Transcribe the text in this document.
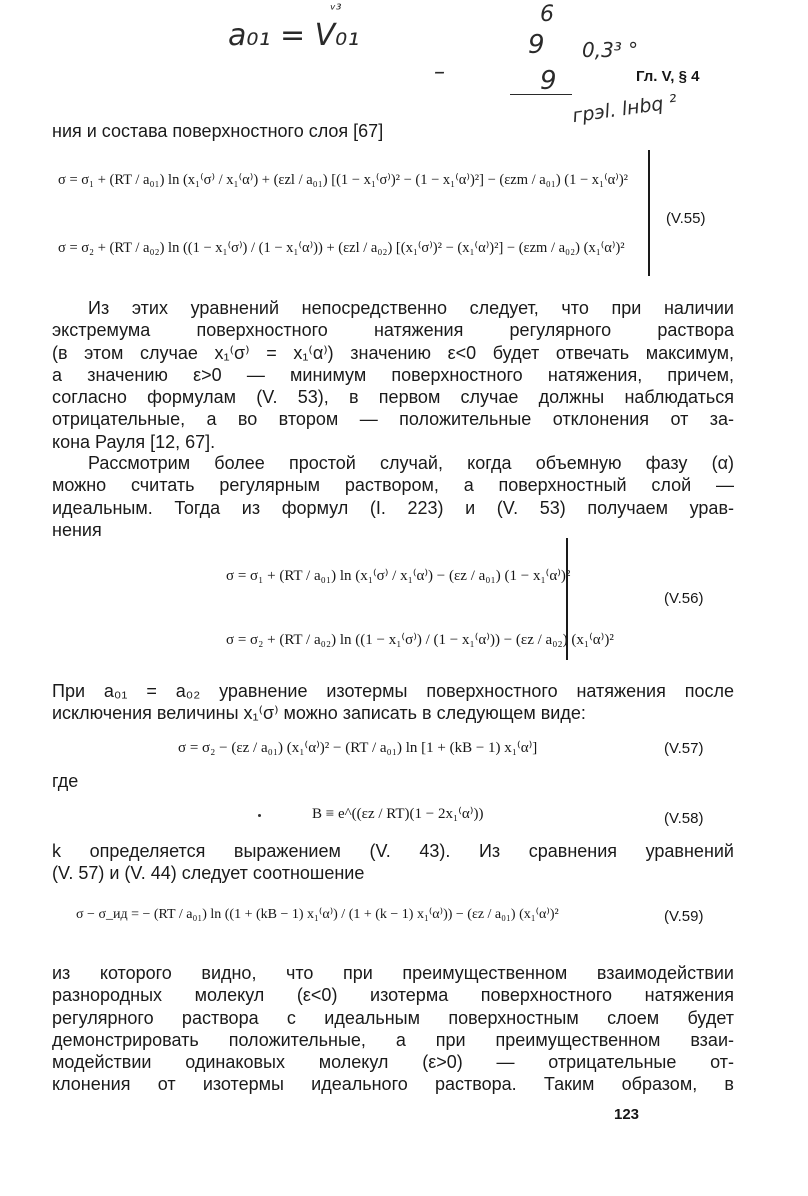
a₀₁ = V₀₁
ᵛ³	6
9 0,3³ °
–	9
грэl. lнbq ²
Гл. V, § 4
ния и состава поверхностного слоя [67]
σ = σ₁ + (RT / a₀₁) ln (x₁⁽σ⁾ / x₁⁽α⁾) + (εzl / a₀₁) [(1 − x₁⁽σ⁾)² − (1 − x₁⁽α⁾)²] − (εzm / a₀₁) (1 − x₁⁽α⁾)²
σ = σ₂ + (RT / a₀₂) ln ((1 − x₁⁽σ⁾) / (1 − x₁⁽α⁾)) + (εzl / a₀₂) [(x₁⁽σ⁾)² − (x₁⁽α⁾)²] − (εzm / a₀₂) (x₁⁽α⁾)²
(V.55)
Из этих уравнений непосредственно следует, что при наличии
экстремума поверхностного натяжения регулярного раствора
(в этом случае x₁⁽σ⁾ = x₁⁽α⁾) значению ε<0 будет отвечать максимум,
а значению ε>0 — минимум поверхностного натяжения, причем,
согласно формулам (V. 53), в первом случае должны наблюдаться
отрицательные, а во втором — положительные отклонения от за-
кона Рауля [12, 67].
Рассмотрим более простой случай, когда объемную фазу (α)
можно считать регулярным раствором, а поверхностный слой —
идеальным. Тогда из формул (I. 223) и (V. 53) получаем урав-
нения
σ = σ₁ + (RT / a₀₁) ln (x₁⁽σ⁾ / x₁⁽α⁾) − (εz / a₀₁) (1 − x₁⁽α⁾)²
σ = σ₂ + (RT / a₀₂) ln ((1 − x₁⁽σ⁾) / (1 − x₁⁽α⁾)) − (εz / a₀₂) (x₁⁽α⁾)²
(V.56)
При a₀₁ = a₀₂ уравнение изотермы поверхностного натяжения после
исключения величины x₁⁽σ⁾ можно записать в следующем виде:
σ = σ₂ − (εz / a₀₁) (x₁⁽α⁾)² − (RT / a₀₁) ln [1 + (kB − 1) x₁⁽α⁾]	(V.57)
где
B ≡ e^((εz / RT)(1 − 2x₁⁽α⁾))	(V.58)
k определяется выражением (V. 43). Из сравнения уравнений
(V. 57) и (V. 44) следует соотношение
σ − σ_ид = − (RT / a₀₁) ln ((1 + (kB − 1) x₁⁽α⁾) / (1 + (k − 1) x₁⁽α⁾)) − (εz / a₀₁) (x₁⁽α⁾)²	(V.59)
из которого видно, что при преимущественном взаимодействии
разнородных молекул (ε<0) изотерма поверхностного натяжения
регулярного раствора с идеальным поверхностным слоем будет
демонстрировать положительные, а при преимущественном взаи-
модействии одинаковых молекул (ε>0) — отрицательные от-
клонения от изотермы идеального раствора. Таким образом, в
123
